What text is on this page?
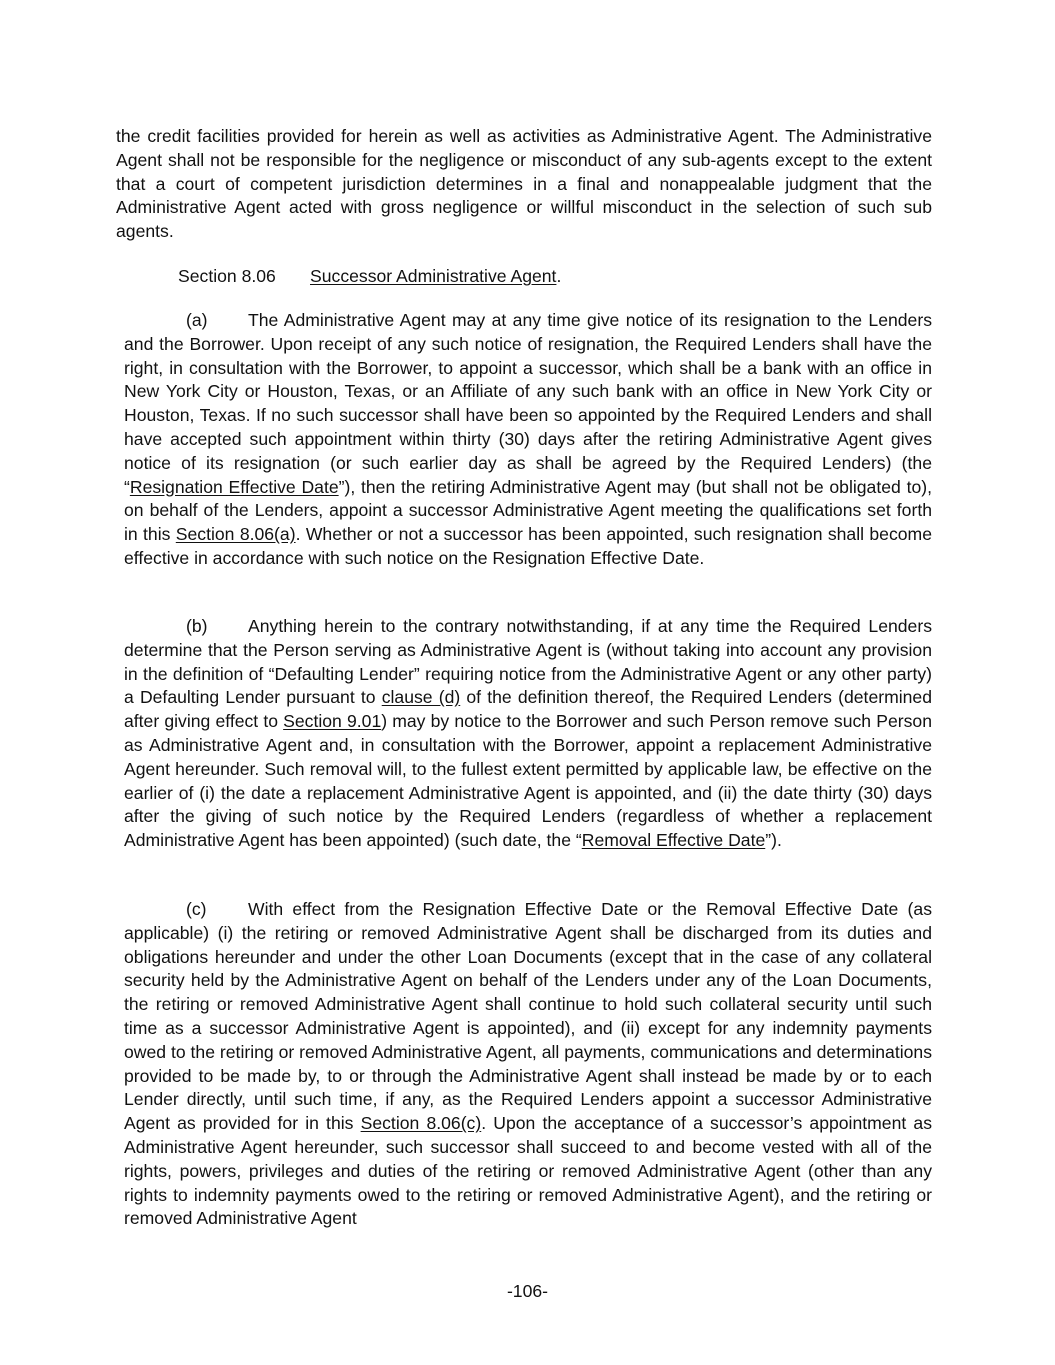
the credit facilities provided for herein as well as activities as Administrative Agent. The Administrative Agent shall not be responsible for the negligence or misconduct of any sub-agents except to the extent that a court of competent jurisdiction determines in a final and nonappealable judgment that the Administrative Agent acted with gross negligence or willful misconduct in the selection of such sub agents.

Section 8.06 Successor Administrative Agent.

(a) The Administrative Agent may at any time give notice of its resignation to the Lenders and the Borrower. Upon receipt of any such notice of resignation, the Required Lenders shall have the right, in consultation with the Borrower, to appoint a successor, which shall be a bank with an office in New York City or Houston, Texas, or an Affiliate of any such bank with an office in New York City or Houston, Texas. If no such successor shall have been so appointed by the Required Lenders and shall have accepted such appointment within thirty (30) days after the retiring Administrative Agent gives notice of its resignation (or such earlier day as shall be agreed by the Required Lenders) (the “Resignation Effective Date”), then the retiring Administrative Agent may (but shall not be obligated to), on behalf of the Lenders, appoint a successor Administrative Agent meeting the qualifications set forth in this Section 8.06(a). Whether or not a successor has been appointed, such resignation shall become effective in accordance with such notice on the Resignation Effective Date.

(b) Anything herein to the contrary notwithstanding, if at any time the Required Lenders determine that the Person serving as Administrative Agent is (without taking into account any provision in the definition of “Defaulting Lender” requiring notice from the Administrative Agent or any other party) a Defaulting Lender pursuant to clause (d) of the definition thereof, the Required Lenders (determined after giving effect to Section 9.01) may by notice to the Borrower and such Person remove such Person as Administrative Agent and, in consultation with the Borrower, appoint a replacement Administrative Agent hereunder. Such removal will, to the fullest extent permitted by applicable law, be effective on the earlier of (i) the date a replacement Administrative Agent is appointed, and (ii) the date thirty (30) days after the giving of such notice by the Required Lenders (regardless of whether a replacement Administrative Agent has been appointed) (such date, the “Removal Effective Date”).

(c) With effect from the Resignation Effective Date or the Removal Effective Date (as applicable) (i) the retiring or removed Administrative Agent shall be discharged from its duties and obligations hereunder and under the other Loan Documents (except that in the case of any collateral security held by the Administrative Agent on behalf of the Lenders under any of the Loan Documents, the retiring or removed Administrative Agent shall continue to hold such collateral security until such time as a successor Administrative Agent is appointed), and (ii) except for any indemnity payments owed to the retiring or removed Administrative Agent, all payments, communications and determinations provided to be made by, to or through the Administrative Agent shall instead be made by or to each Lender directly, until such time, if any, as the Required Lenders appoint a successor Administrative Agent as provided for in this Section 8.06(c). Upon the acceptance of a successor’s appointment as Administrative Agent hereunder, such successor shall succeed to and become vested with all of the rights, powers, privileges and duties of the retiring or removed Administrative Agent (other than any rights to indemnity payments owed to the retiring or removed Administrative Agent), and the retiring or removed Administrative Agent

-106-
